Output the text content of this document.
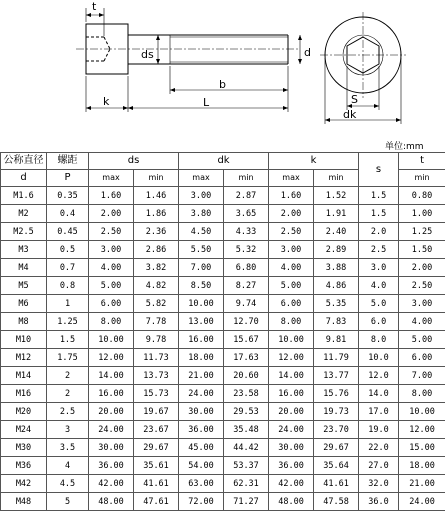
t
ds	d
k	L
b
S
dk
单位:mm
公称直径	螺距	ds		dk		k		s	t
d	P	max	min	max	min	max	min		min
M1.6	0.35	1.60	1.46	3.00	2.87	1.60	1.52	1.5	0.80
M2	0.4	2.00	1.86	3.80	3.65	2.00	1.91	1.5	1.00
M2.5	0.45	2.50	2.36	4.50	4.33	2.50	2.40	2.0	1.25
M3	0.5	3.00	2.86	5.50	5.32	3.00	2.89	2.5	1.50
M4	0.7	4.00	3.82	7.00	6.80	4.00	3.88	3.0	2.00
M5	0.8	5.00	4.82	8.50	8.27	5.00	4.86	4.0	2.50
M6	1	6.00	5.82	10.00	9.74	6.00	5.35	5.0	3.00
M8	1.25	8.00	7.78	13.00	12.70	8.00	7.83	6.0	4.00
M10	1.5	10.00	9.78	16.00	15.67	10.00	9.81	8.0	5.00
M12	1.75	12.00	11.73	18.00	17.63	12.00	11.79	10.0	6.00
M14	2	14.00	13.73	21.00	20.60	14.00	13.77	12.0	7.00
M16	2	16.00	15.73	24.00	23.58	16.00	15.76	14.0	8.00
M20	2.5	20.00	19.67	30.00	29.53	20.00	19.73	17.0	10.00
M24	3	24.00	23.67	36.00	35.48	24.00	23.70	19.0	12.00
M30	3.5	30.00	29.67	45.00	44.42	30.00	29.67	22.0	15.00
M36	4	36.00	35.61	54.00	53.37	36.00	35.64	27.0	18.00
M42	4.5	42.00	41.61	63.00	62.31	42.00	41.61	32.0	21.00
M48	5	48.00	47.61	72.00	71.27	48.00	47.58	36.0	24.00
